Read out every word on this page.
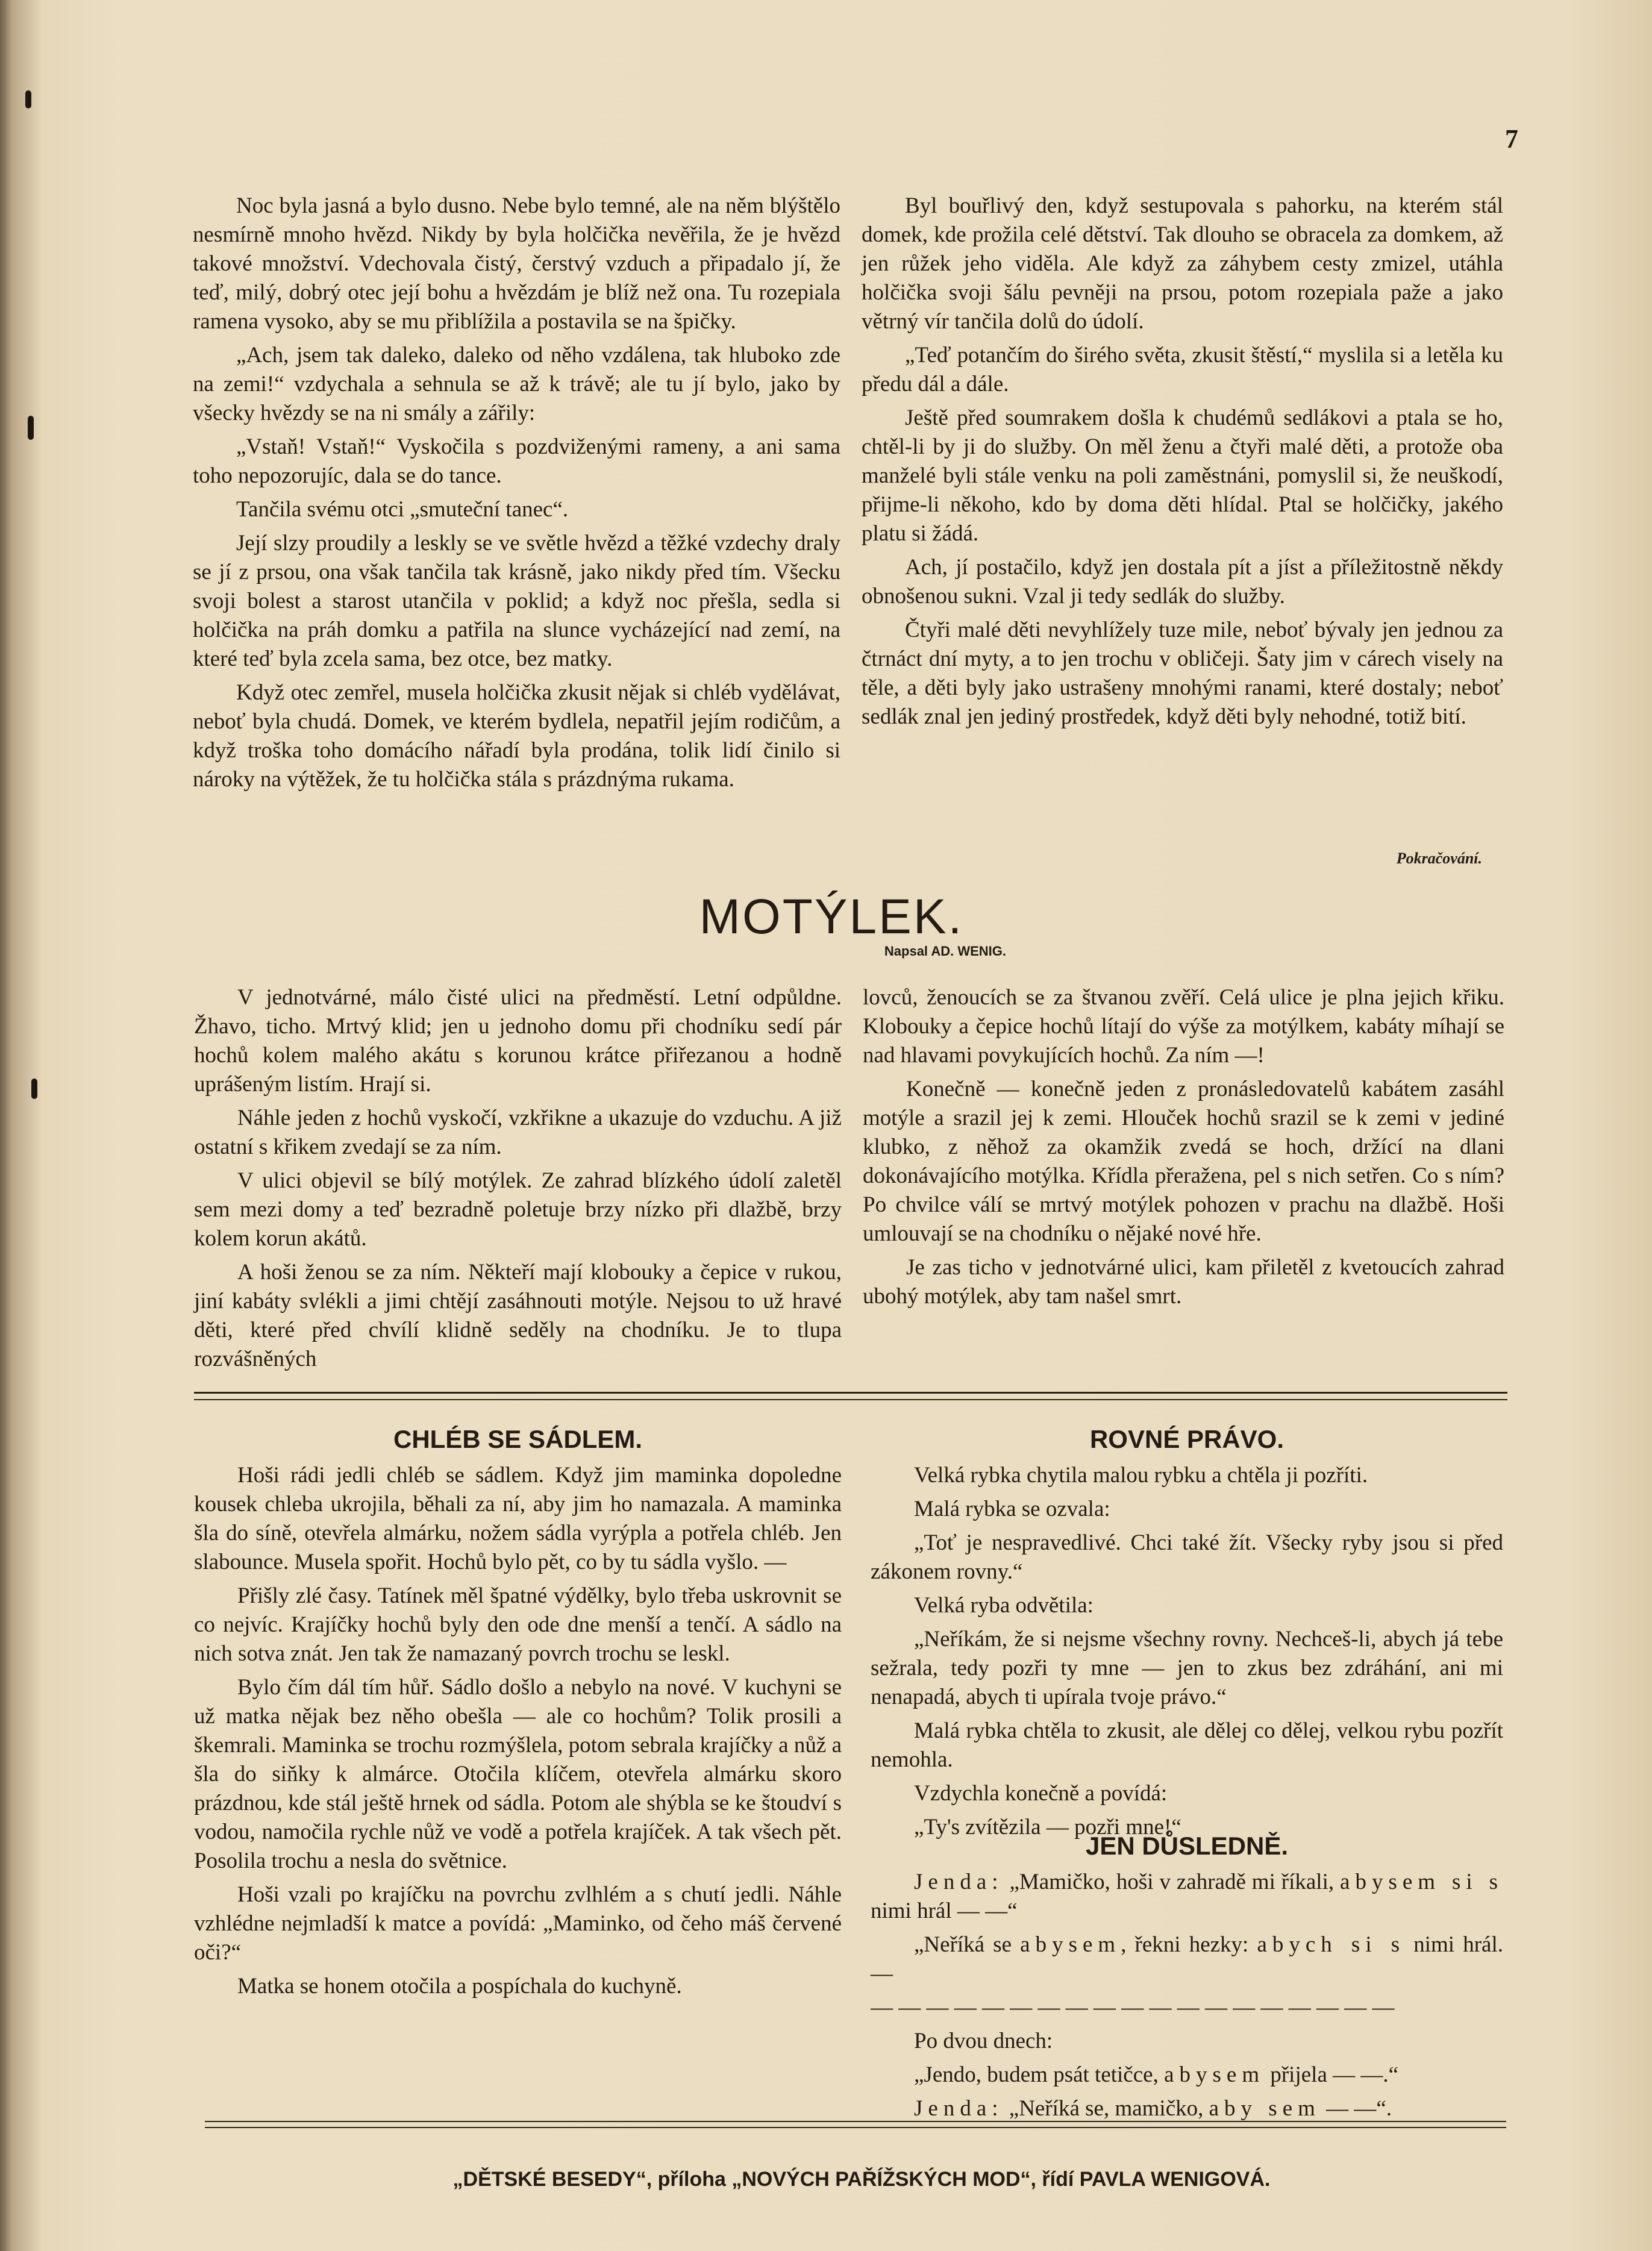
7

Noc byla jasná a bylo dusno. Nebe bylo temné, ale na něm blýštělo nesmírně mnoho hvězd. Nikdy by byla holčička nevěřila, že je hvězd takové množství. Vdechovala čistý, čerstvý vzduch a připadalo jí, že teď, milý, dobrý otec její bohu a hvězdám je blíž než ona. Tu rozepiala ramena vysoko, aby se mu přiblížila a postavila se na špičky.

„Ach, jsem tak daleko, daleko od něho vzdálena, tak hluboko zde na zemi!“ vzdychala a sehnula se až k trávě; ale tu jí bylo, jako by všecky hvězdy se na ni smály a zářily:

„Vstaň! Vstaň!“ Vyskočila s pozdviženými rameny, a ani sama toho nepozorujíc, dala se do tance.

Tančila svému otci „smuteční tanec“.

Její slzy proudily a leskly se ve světle hvězd a těžké vzdechy draly se jí z prsou, ona však tančila tak krásně, jako nikdy před tím. Všecku svoji bolest a starost utančila v poklid; a když noc přešla, sedla si holčička na práh domku a patřila na slunce vycházející nad zemí, na které teď byla zcela sama, bez otce, bez matky.

Když otec zemřel, musela holčička zkusit nějak si chléb vydělávat, neboť byla chudá. Domek, ve kterém bydlela, nepatřil jejím rodičům, a když troška toho domácího nářadí byla prodána, tolik lidí činilo si nároky na výtěžek, že tu holčička stála s prázdnýma rukama.

Byl bouřlivý den, když sestupovala s pahorku, na kterém stál domek, kde prožila celé dětství. Tak dlouho se obracela za domkem, až jen růžek jeho viděla. Ale když za záhybem cesty zmizel, utáhla holčička svoji šálu pevněji na prsou, potom rozepiala paže a jako větrný vír tančila dolů do údolí.

„Teď potančím do širého světa, zkusit štěstí,“ myslila si a letěla ku předu dál a dále.

Ještě před soumrakem došla k chudémů sedlákovi a ptala se ho, chtěl-li by ji do služby. On měl ženu a čtyři malé děti, a protože oba manželé byli stále venku na poli zaměstnáni, pomyslil si, že neuškodí, přijme-li někoho, kdo by doma děti hlídal. Ptal se holčičky, jakého platu si žádá.

Ach, jí postačilo, když jen dostala pít a jíst a příležitostně někdy obnošenou sukni. Vzal ji tedy sedlák do služby.

Čtyři malé děti nevyhlížely tuze mile, neboť bývaly jen jednou za čtrnáct dní myty, a to jen trochu v obličeji. Šaty jim v cárech visely na těle, a děti byly jako ustrašeny mnohými ranami, které dostaly; neboť sedlák znal jen jediný prostředek, když děti byly nehodné, totiž bití.

Pokračování.
MOTÝLEK.
Napsal AD. WENIG.

V jednotvárné, málo čisté ulici na předměstí. Letní odpůldne. Žhavo, ticho. Mrtvý klid; jen u jednoho domu při chodníku sedí pár hochů kolem malého akátu s korunou krátce přiřezanou a hodně uprášeným listím. Hrají si.

Náhle jeden z hochů vyskočí, vzkřikne a ukazuje do vzduchu. A již ostatní s křikem zvedají se za ním.

V ulici objevil se bílý motýlek. Ze zahrad blízkého údolí zaletěl sem mezi domy a teď bezradně poletuje brzy nízko při dlažbě, brzy kolem korun akátů.

A hoši ženou se za ním. Někteří mají klobouky a čepice v rukou, jiní kabáty svlékli a jimi chtějí zasáhnouti motýle. Nejsou to už hravé děti, které před chvílí klidně seděly na chodníku. Je to tlupa rozvášněných

lovců, ženoucích se za štvanou zvěří. Celá ulice je plna jejich křiku. Klobouky a čepice hochů lítají do výše za motýlkem, kabáty míhají se nad hlavami povykujících hochů. Za ním —!

Konečně — konečně jeden z pronásledovatelů kabátem zasáhl motýle a srazil jej k zemi. Hlouček hochů srazil se k zemi v jediné klubko, z něhož za okamžik zvedá se hoch, držící na dlani dokonávajícího motýlka. Křídla přeražena, pel s nich setřen. Co s ním? Po chvilce válí se mrtvý motýlek pohozen v prachu na dlažbě. Hoši umlouvají se na chodníku o nějaké nové hře.

Je zas ticho v jednotvárné ulici, kam přiletěl z kvetoucích zahrad ubohý motýlek, aby tam našel smrt.

CHLÉB SE SÁDLEM.

Hoši rádi jedli chléb se sádlem. Když jim maminka dopoledne kousek chleba ukrojila, běhali za ní, aby jim ho namazala. A maminka šla do síně, otevřela almárku, nožem sádla vyrýpla a potřela chléb. Jen slabounce. Musela spořit. Hochů bylo pět, co by tu sádla vyšlo. —

Přišly zlé časy. Tatínek měl špatné výdělky, bylo třeba uskrovnit se co nejvíc. Krajíčky hochů byly den ode dne menší a tenčí. A sádlo na nich sotva znát. Jen tak že namazaný povrch trochu se leskl.

Bylo čím dál tím hůř. Sádlo došlo a nebylo na nové. V kuchyni se už matka nějak bez něho obešla — ale co hochům? Tolik prosili a škemrali. Maminka se trochu rozmýšlela, potom sebrala krajíčky a nůž a šla do siňky k almárce. Otočila klíčem, otevřela almárku skoro prázdnou, kde stál ještě hrnek od sádla. Potom ale shýbla se ke štoudví s vodou, namočila rychle nůž ve vodě a potřela krajíček. A tak všech pět. Posolila trochu a nesla do světnice.

Hoši vzali po krajíčku na povrchu zvlhlém a s chutí jedli. Náhle vzhlédne nejmladší k matce a povídá: „Maminko, od čeho máš červené oči?“

Matka se honem otočila a pospíchala do kuchyně.

ROVNÉ PRÁVO.

Velká rybka chytila malou rybku a chtěla ji pozříti.

Malá rybka se ozvala:

„Toť je nespravedlivé. Chci také žít. Všecky ryby jsou si před zákonem rovny.“

Velká ryba odvětila:

„Neříkám, že si nejsme všechny rovny. Nechceš-li, abych já tebe sežrala, tedy pozři ty mne — jen to zkus bez zdráhání, ani mi nenapadá, abych ti upírala tvoje právo.“

Malá rybka chtěla to zkusit, ale dělej co dělej, velkou rybu pozřít nemohla.

Vzdychla konečně a povídá:

„Ty's zvítězila — pozři mne!“

JEN DŮSLEDNĚ.

Jenda: „Mamičko, hoši v zahradě mi říkali, abysem si s nimi hrál — —“

„Neříká se abysem, řekni hezky: abych si s nimi hrál. —

— — — — — — — — — — — — — — — — — — —

Po dvou dnech:

„Jendo, budem psát tetičce, abysem přijela — —.“

Jenda: „Neříká se, mamičko, aby sem — —“.

„DĚTSKÉ BESEDY“, příloha „NOVÝCH PAŘÍŽSKÝCH MOD“, řídí PAVLA WENIGOVÁ.
